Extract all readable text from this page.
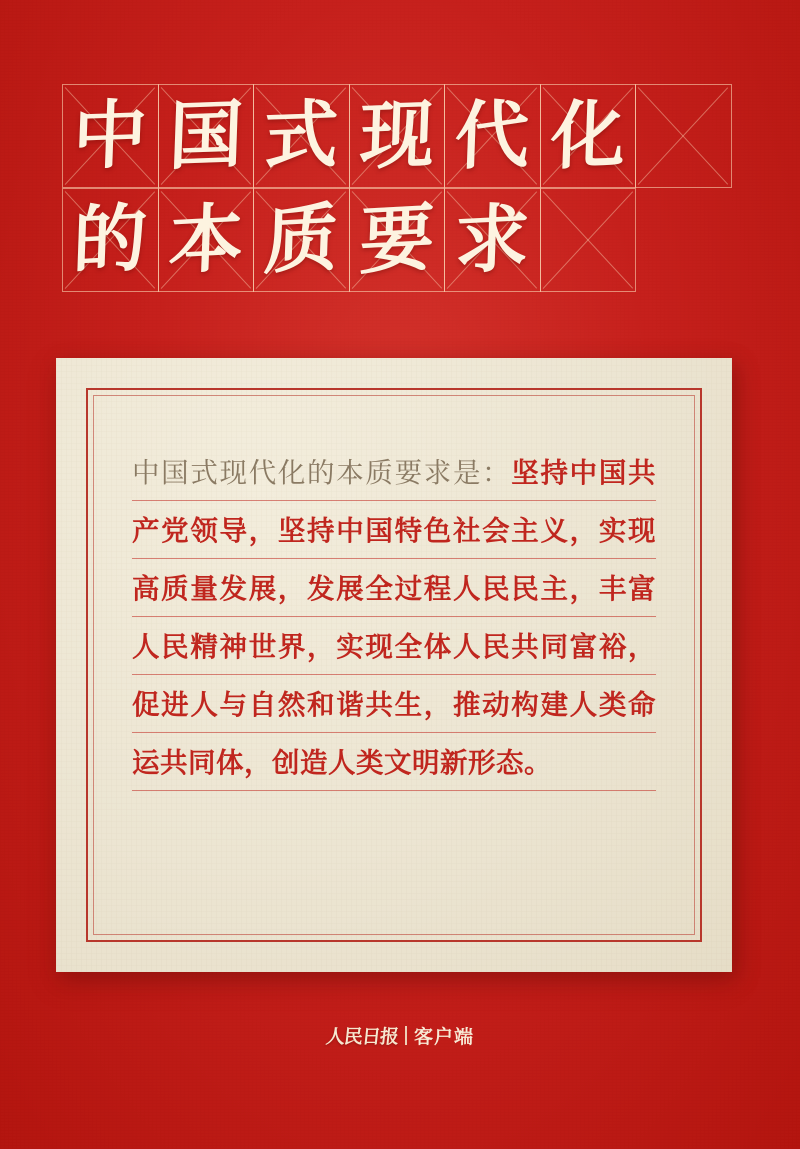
中 国 式 现 代 化
的 本 质 要 求

中国式现代化的本质要求是：坚持中国共产党领导，坚持中国特色社会主义，实现高质量发展，发展全过程人民民主，丰富人民精神世界，实现全体人民共同富裕，促进人与自然和谐共生，推动构建人类命运共同体，创造人类文明新形态。

人民日报 客户端
